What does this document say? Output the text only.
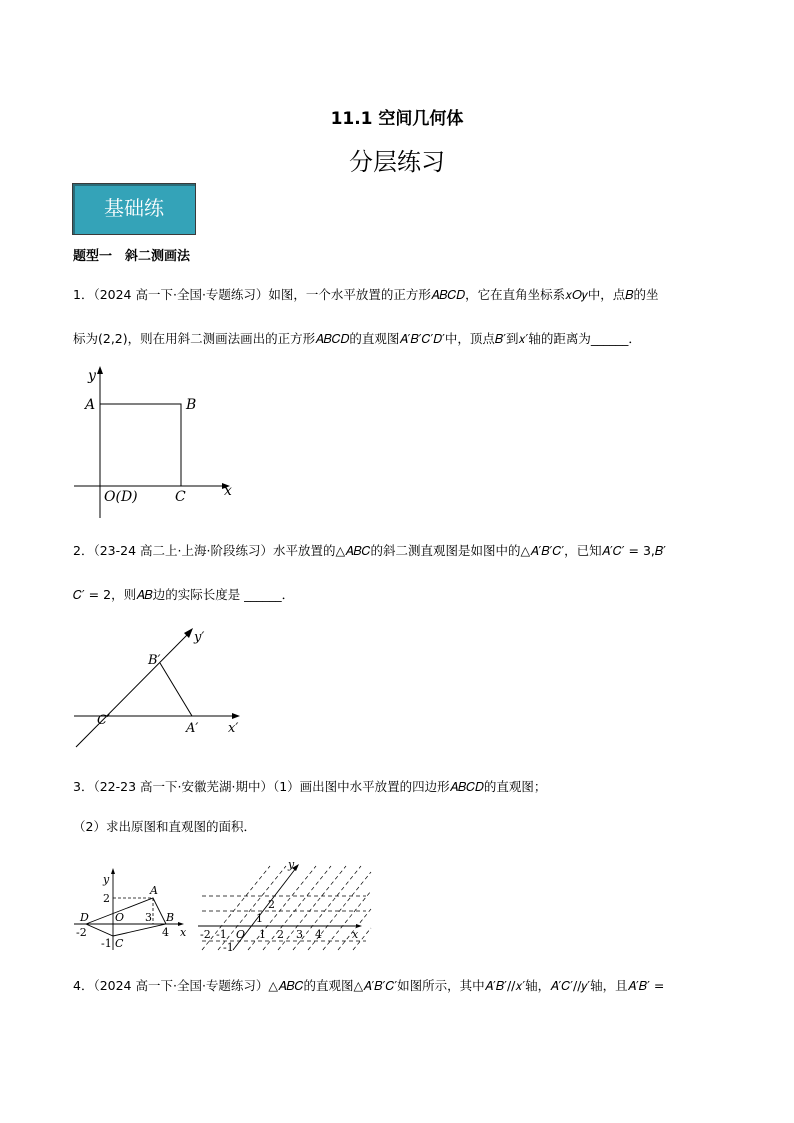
11.1 空间几何体
分层练习
基础练
题型一　斜二测画法
1．（2024 高一下·全国·专题练习）如图，一个水平放置的正方形𝐴𝐵𝐶𝐷，它在直角坐标系𝑥𝑂𝑦中，点𝐵的坐
标为(2,2)，则在用斜二测画法画出的正方形𝐴𝐵𝐶𝐷的直观图𝐴′𝐵′𝐶′𝐷′中，顶点𝐵′到𝑥′轴的距离为______．
y
x
A	B
C
O(D)
2．（23-24 高二上·上海·阶段练习）水平放置的△𝐴𝐵𝐶的斜二测直观图是如图中的△𝐴′𝐵′𝐶′，已知𝐴′𝐶′ = 3,𝐵′
𝐶′ = 2，则𝐴𝐵边的实际长度是 ______．
y′
x′
B′
C′
A′
3．（22-23 高一下·安徽芜湖·期中）（1）画出图中水平放置的四边形𝐴𝐵𝐶𝐷的直观图；
（2）求出原图和直观图的面积．
y
x
2
A
D O 3 B
-2	4
-1 C
y
x
2
1
-2 -1 O 1 2 3 4
-1
4．（2024 高一下·全国·专题练习）△𝐴𝐵𝐶的直观图△𝐴′𝐵′𝐶′如图所示，其中𝐴′𝐵′//𝑥′轴，𝐴′𝐶′//𝑦′轴，且𝐴′𝐵′ =
